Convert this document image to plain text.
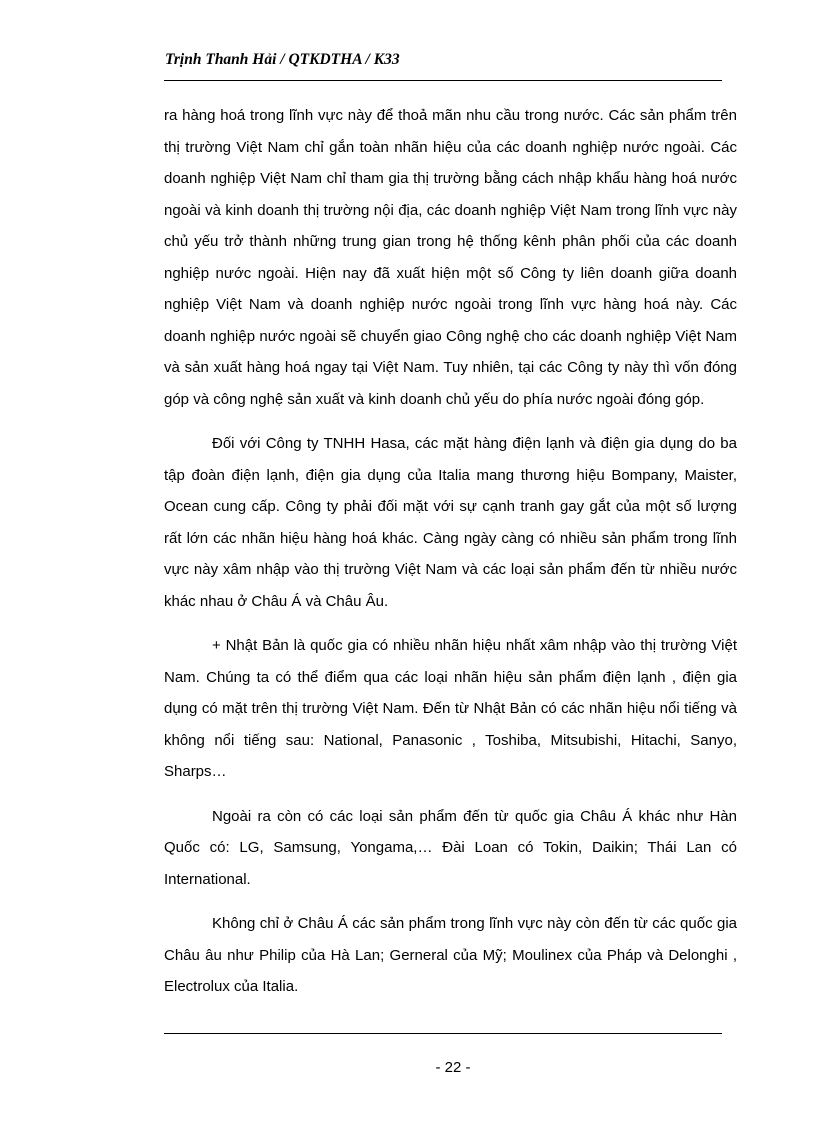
Trịnh Thanh Hải / QTKDTHA / K33

ra hàng hoá trong lĩnh vực này để thoả mãn nhu cầu trong nước. Các sản phẩm trên thị trường Việt Nam chỉ gắn toàn nhãn hiệu của các doanh nghiệp nước ngoài. Các doanh nghiệp Việt Nam chỉ tham gia thị trường bằng cách nhập khẩu hàng hoá nước ngoài và kinh doanh thị trường nội địa, các doanh nghiệp Việt Nam trong lĩnh vực này chủ yếu trở thành những trung gian trong hệ thống kênh phân phối của các doanh nghiệp nước ngoài. Hiện nay đã xuất hiện một số Công ty liên doanh giữa doanh nghiệp Việt Nam và doanh nghiệp nước ngoài trong lĩnh vực hàng hoá này. Các doanh nghiệp nước ngoài sẽ chuyển giao Công nghệ cho các doanh nghiệp Việt Nam và sản xuất hàng hoá ngay tại Việt Nam. Tuy nhiên, tại các Công ty này thì vốn đóng góp và công nghệ sản xuất và kinh doanh chủ yếu do phía nước ngoài đóng góp.

Đối với Công ty TNHH Hasa, các mặt hàng điện lạnh và điện gia dụng do ba tập đoàn điện lạnh, điện gia dụng của Italia mang thương hiệu Bompany, Maister, Ocean cung cấp. Công ty phải đối mặt với sự cạnh tranh gay gắt của một số lượng rất lớn các nhãn hiệu hàng hoá khác. Càng ngày càng có nhiều sản phẩm trong lĩnh vực này xâm nhập vào thị trường Việt Nam và các loại sản phẩm đến từ nhiều nước khác nhau ở Châu Á và Châu Âu.

+ Nhật Bản là quốc gia có nhiều nhãn hiệu nhất xâm nhập vào thị trường Việt Nam. Chúng ta có thể điểm qua các loại nhãn hiệu sản phẩm điện lạnh , điện gia dụng có mặt trên thị trường Việt Nam. Đến từ Nhật Bản có các nhãn hiệu nổi tiếng và không nổi tiếng sau: National, Panasonic , Toshiba, Mitsubishi, Hitachi, Sanyo, Sharps…

Ngoài ra còn có các loại sản phẩm đến từ quốc gia Châu Á khác như Hàn Quốc có: LG, Samsung, Yongama,… Đài Loan có Tokin, Daikin; Thái Lan có International.

Không chỉ ở Châu Á các sản phẩm trong lĩnh vực này còn đến từ các quốc gia Châu âu như Philip của Hà Lan; Gerneral của Mỹ; Moulinex của Pháp và Delonghi , Electrolux của Italia.

- 22 -
